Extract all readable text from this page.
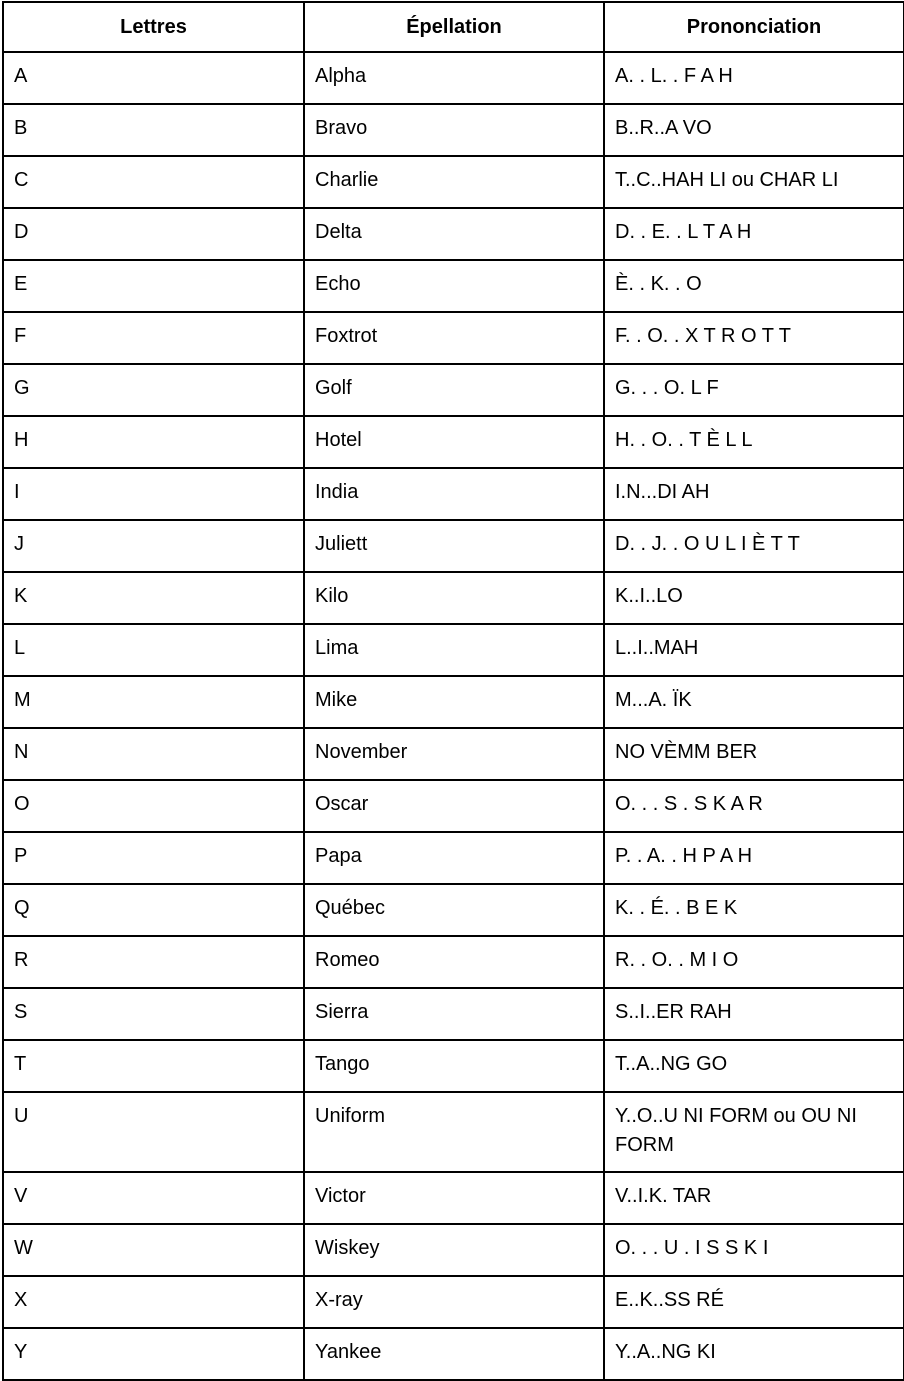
Lettres	Épellation	Prononciation
A	Alpha	A. . L. . F A H
B	Bravo	B..R..A VO
C	Charlie	T..C..HAH LI ou CHAR LI
D	Delta	D. . E. . L T A H
E	Echo	È. . K. . O
F	Foxtrot	F. . O. . X T R O T T
G	Golf	G. . . O. L F
H	Hotel	H. . O. . T È L L
I	India	I.N...DI AH
J	Juliett	D. . J. . O U L I È T T
K	Kilo	K..I..LO
L	Lima	L..I..MAH
M	Mike	M...A. ÏK
N	November	NO VÈMM BER
O	Oscar	O. . . S . S K A R
P	Papa	P. . A. . H P A H
Q	Québec	K. . É. . B E K
R	Romeo	R. . O. . M I O
S	Sierra	S..I..ER RAH
T	Tango	T..A..NG GO
U	Uniform	Y..O..U NI FORM ou OU NI FORM
V	Victor	V..I.K. TAR
W	Wiskey	O. . . U . I S S K I
X	X-ray	E..K..SS RÉ
Y	Yankee	Y..A..NG KI
